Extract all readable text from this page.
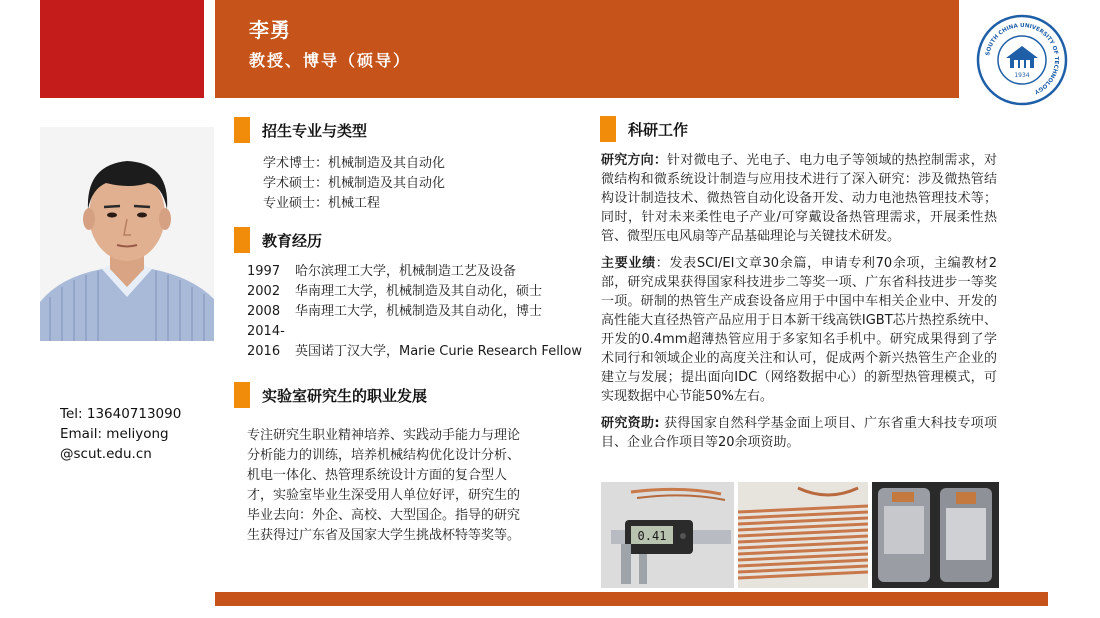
李勇
教授、博导（硕导）	SOUTH CHINA UNIVERSITY OF TECHNOLOGY
1934
Tel: 13640713090
Email: meliyong
@scut.edu.cn
招生专业与类型
学术博士：机械制造及其自动化
学术硕士：机械制造及其自动化
专业硕士：机械工程
教育经历
1997	哈尔滨理工大学，机械制造工艺及设备
2002	华南理工大学，机械制造及其自动化，硕士
2008	华南理工大学，机械制造及其自动化，博士
2014-
2016	英国诺丁汉大学，Marie Curie Research Fellow
实验室研究生的职业发展
专注研究生职业精神培养、实践动手能力与理论分析能力的训练，培养机械结构优化设计分析、机电一体化、热管理系统设计方面的复合型人才，实验室毕业生深受用人单位好评，研究生的毕业去向：外企、高校、大型国企。指导的研究生获得过广东省及国家大学生挑战杯特等奖等。
科研工作

研究方向：针对微电子、光电子、电力电子等领域的热控制需求，对微结构和微系统设计制造与应用技术进行了深入研究：涉及微热管结构设计制造技术、微热管自动化设备开发、动力电池热管理技术等；同时，针对未来柔性电子产业/可穿戴设备热管理需求，开展柔性热管、微型压电风扇等产品基础理论与关键技术研发。

主要业绩：发表SCI/EI文章30余篇，申请专利70余项，主编教材2部，研究成果获得国家科技进步二等奖一项、广东省科技进步一等奖一项。研制的热管生产成套设备应用于中国中车相关企业中、开发的高性能大直径热管产品应用于日本新干线高铁IGBT芯片热控系统中、开发的0.4mm超薄热管应用于多家知名手机中。研究成果得到了学术同行和领域企业的高度关注和认可，促成两个新兴热管生产企业的建立与发展；提出面向IDC（网络数据中心）的新型热管理模式，可实现数据中心节能50%左右。

研究资助: 获得国家自然科学基金面上项目、广东省重大科技专项项目、企业合作项目等20余项资助。

0.41
